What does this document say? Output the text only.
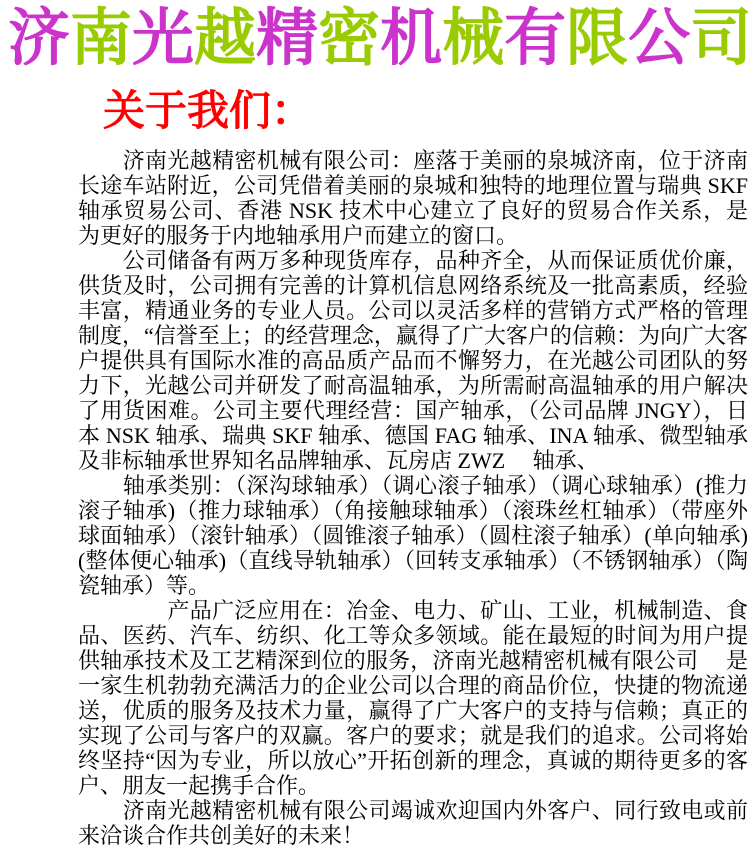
济南光越精密机械有限公司
关于我们：

　　济南光越精密机械有限公司：座落于美丽的泉城济南，位于济南长途车站附近，公司凭借着美丽的泉城和独特的地理位置与瑞典 SKF 轴承贸易公司、香港 NSK 技术中心建立了良好的贸易合作关系，是为更好的服务于内地轴承用户而建立的窗口。

　　公司储备有两万多种现货库存，品种齐全，从而保证质优价廉，供货及时，公司拥有完善的计算机信息网络系统及一批高素质，经验丰富，精通业务的专业人员。公司以灵活多样的营销方式严格的管理制度，“信誉至上；的经营理念，赢得了广大客户的信赖：为向广大客户提供具有国际水准的高品质产品而不懈努力，在光越公司团队的努力下，光越公司并研发了耐高温轴承，为所需耐高温轴承的用户解决了用货困难。公司主要代理经营：国产轴承，（公司品牌 JNGY），日本 NSK 轴承、瑞典 SKF 轴承、德国 FAG 轴承、INA 轴承、微型轴承及非标轴承世界知名品牌轴承、瓦房店 ZWZ　 轴承、

　　轴承类别：（深沟球轴承）（调心滚子轴承）（调心球轴承）(推力滚子轴承)（推力球轴承）（角接触球轴承）（滚珠丝杠轴承）（带座外球面轴承）（滚针轴承）（圆锥滚子轴承）（圆柱滚子轴承）(单向轴承)(整体便心轴承)（直线导轨轴承）（回转支承轴承）（不锈钢轴承）（陶瓷轴承）等。

　　　　产品广泛应用在：冶金、电力、矿山、工业，机械制造、食品、医药、汽车、纺织、化工等众多领域。能在最短的时间为用户提供轴承技术及工艺精深到位的服务，济南光越精密机械有限公司　 是一家生机勃勃充满活力的企业公司以合理的商品价位，快捷的物流递送，优质的服务及技术力量，赢得了广大客户的支持与信赖；真正的实现了公司与客户的双赢。客户的要求；就是我们的追求。公司将始终坚持“因为专业，所以放心”开拓创新的理念，真诚的期待更多的客户、朋友一起携手合作。

　　济南光越精密机械有限公司竭诚欢迎国内外客户、同行致电或前来洽谈合作共创美好的未来！
